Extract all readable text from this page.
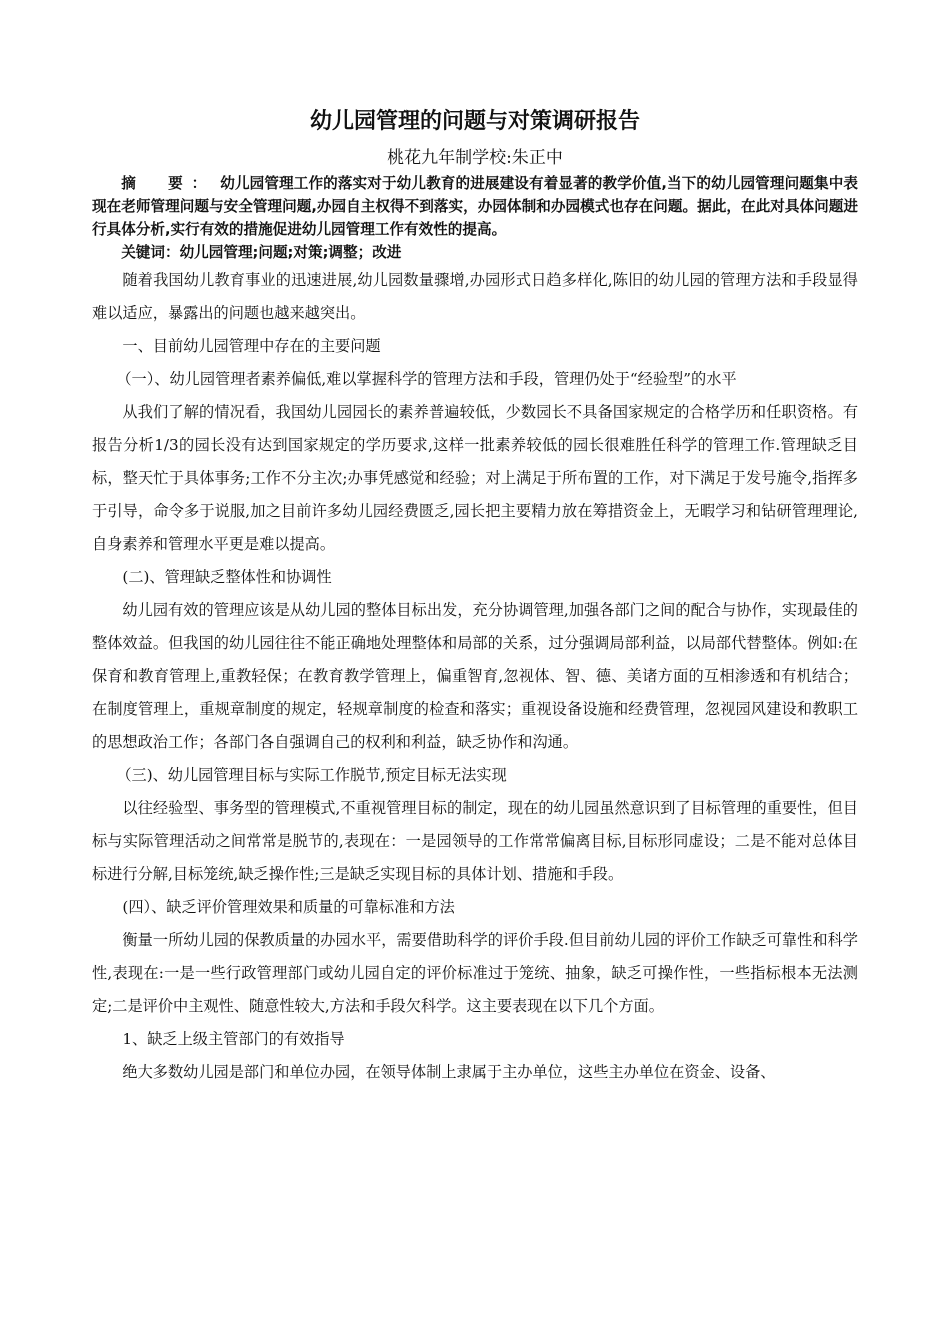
幼儿园管理的问题与对策调研报告

桃花九年制学校:朱正中

摘　要： 幼儿园管理工作的落实对于幼儿教育的进展建设有着显著的教学价值,当下的幼儿园管理问题集中表现在老师管理问题与安全管理问题,办园自主权得不到落实，办园体制和办园模式也存在问题。据此，在此对具体问题进行具体分析,实行有效的措施促进幼儿园管理工作有效性的提高。

关键词：幼儿园管理;问题;对策;调整；改进

随着我国幼儿教育事业的迅速进展,幼儿园数量骤增,办园形式日趋多样化,陈旧的幼儿园的管理方法和手段显得难以适应，暴露出的问题也越来越突出。

一、目前幼儿园管理中存在的主要问题

（一）、幼儿园管理者素养偏低,难以掌握科学的管理方法和手段，管理仍处于“经验型”的水平

从我们了解的情况看，我国幼儿园园长的素养普遍较低，少数园长不具备国家规定的合格学历和任职资格。有报告分析1/3的园长没有达到国家规定的学历要求,这样一批素养较低的园长很难胜任科学的管理工作.管理缺乏目标，整天忙于具体事务;工作不分主次;办事凭感觉和经验；对上满足于所布置的工作，对下满足于发号施令,指挥多于引导，命令多于说服,加之目前许多幼儿园经费匮乏,园长把主要精力放在筹措资金上，无暇学习和钻研管理理论,自身素养和管理水平更是难以提高。

(二)、管理缺乏整体性和协调性

幼儿园有效的管理应该是从幼儿园的整体目标出发，充分协调管理,加强各部门之间的配合与协作，实现最佳的整体效益。但我国的幼儿园往往不能正确地处理整体和局部的关系，过分强调局部利益，以局部代替整体。例如:在保育和教育管理上,重教轻保；在教育教学管理上，偏重智育,忽视体、智、德、美诸方面的互相渗透和有机结合；在制度管理上，重规章制度的规定，轻规章制度的检查和落实；重视设备设施和经费管理，忽视园风建设和教职工的思想政治工作；各部门各自强调自己的权利和利益，缺乏协作和沟通。

（三)、幼儿园管理目标与实际工作脱节,预定目标无法实现

以往经验型、事务型的管理模式,不重视管理目标的制定，现在的幼儿园虽然意识到了目标管理的重要性，但目标与实际管理活动之间常常是脱节的,表现在：一是园领导的工作常常偏离目标,目标形同虚设；二是不能对总体目标进行分解,目标笼统,缺乏操作性;三是缺乏实现目标的具体计划、措施和手段。

(四）、缺乏评价管理效果和质量的可靠标准和方法

衡量一所幼儿园的保教质量的办园水平，需要借助科学的评价手段.但目前幼儿园的评价工作缺乏可靠性和科学性,表现在:一是一些行政管理部门或幼儿园自定的评价标准过于笼统、抽象，缺乏可操作性，一些指标根本无法测定;二是评价中主观性、随意性较大,方法和手段欠科学。这主要表现在以下几个方面。

1、缺乏上级主管部门的有效指导

绝大多数幼儿园是部门和单位办园，在领导体制上隶属于主办单位，这些主办单位在资金、设备、
